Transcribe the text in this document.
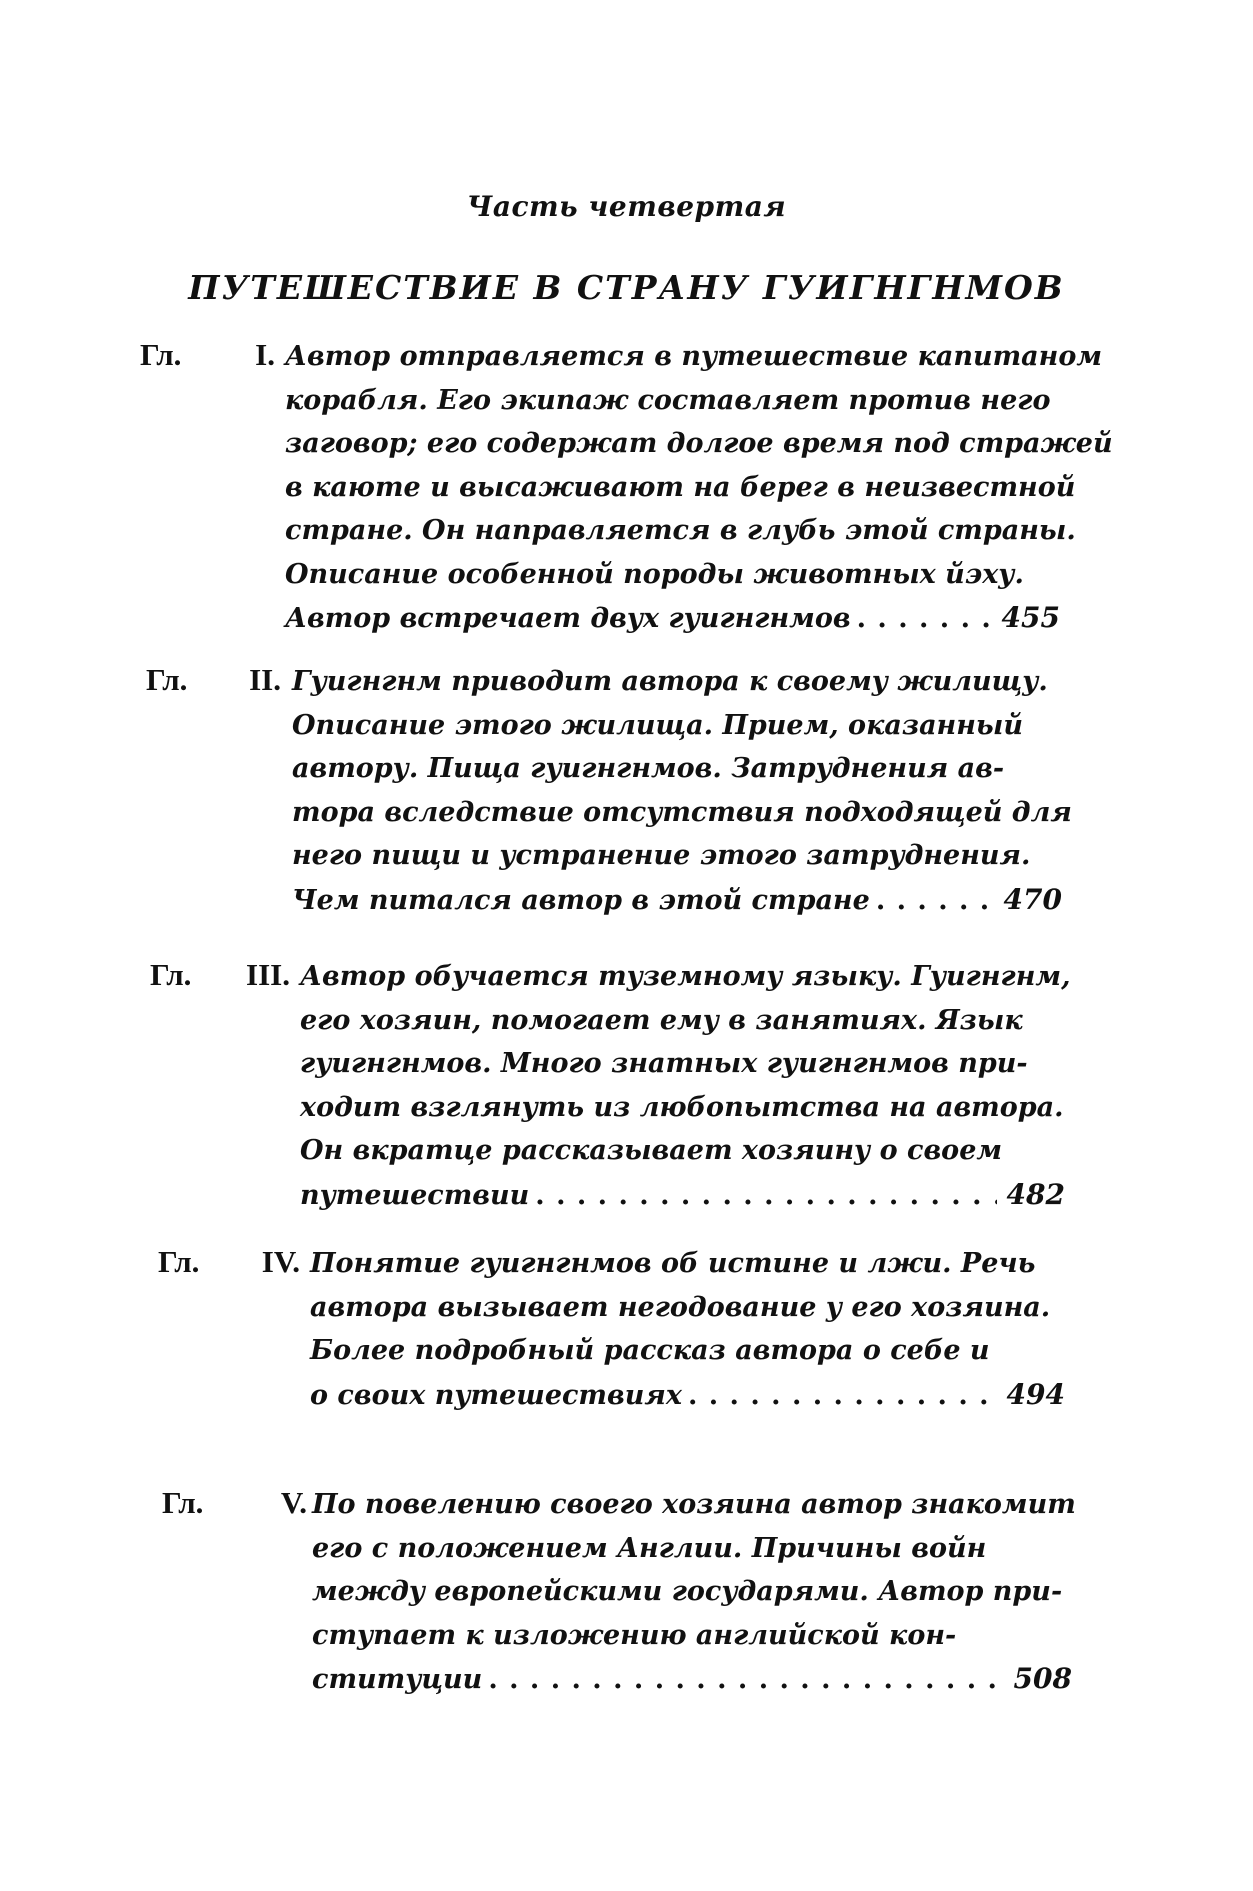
Часть четвертая
ПУТЕШЕСТВИЕ В СТРАНУ ГУИГНГНМОВ
Гл.	I. Автор отправляется в путешествие капитаном
корабля. Его экипаж составляет против него
заговор; его содержат долгое время под стражей
в каюте и высаживают на берег в неизвестной
стране. Он направляется в глубь этой страны.
Описание особенной породы животных йэху.
Автор встречает двух гуигнгнмов . . .	455
Гл.	II. Гуигнгнм приводит автора к своему жилищу.
Описание этого жилища. Прием, оказанный
автору. Пища гуигнгнмов. Затруднения ав-
тора вследствие отсутствия подходящей для
него пищи и устранение этого затруднения.
Чем питался автор в этой стране . . .	470
Гл.	III. Автор обучается туземному языку. Гуигнгнм,
его хозяин, помогает ему в занятиях. Язык
гуигнгнмов. Много знатных гуигнгнмов при-
ходит взглянуть из любопытства на автора.
Он вкратце рассказывает хозяину о своем
путешествии . . .	482
Гл.	IV. Понятие гуигнгнмов об истине и лжи. Речь
автора вызывает негодование у его хозяина.
Более подробный рассказ автора о себе и
о своих путешествиях . . .	494
Гл.	V. По повелению своего хозяина автор знакомит
его с положением Англии. Причины войн
между европейскими государями. Автор при-
ступает к изложению английской кон-
ституции . . .	508
